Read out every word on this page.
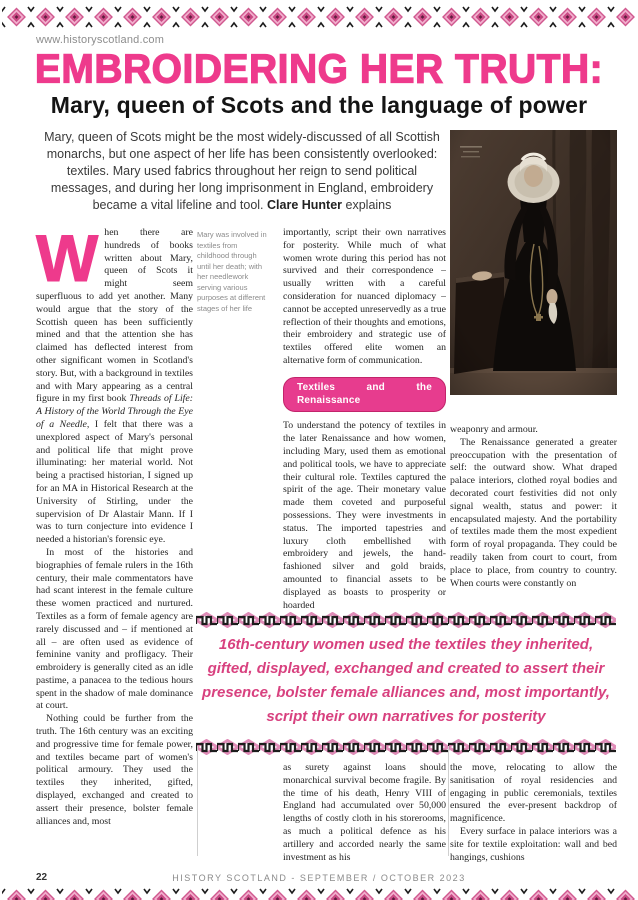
www.historyscotland.com
EMBROIDERING HER TRUTH:
Mary, queen of Scots and the language of power
Mary, queen of Scots might be the most widely-discussed of all Scottish monarchs, but one aspect of her life has been consistently overlooked: textiles. Mary used fabrics throughout her reign to send political messages, and during her long imprisonment in England, embroidery became a vital lifeline and tool. Clare Hunter explains

When there are hundreds of books written about Mary, queen of Scots it might seem superfluous to add yet another. Many would argue that the story of the Scottish queen has been sufficiently mined and that the attention she has claimed has deflected interest from other significant women in Scotland's story. But, with a background in textiles and with Mary appearing as a central figure in my first book Threads of Life: A History of the World Through the Eye of a Needle, I felt that there was a unexplored aspect of Mary's personal and political life that might prove illuminating: her material world. Not being a practised historian, I signed up for an MA in Historical Research at the University of Stirling, under the supervision of Dr Alastair Mann. If I was to turn conjecture into evidence I needed a historian's forensic eye.

In most of the histories and biographies of female rulers in the 16th century, their male commentators have had scant interest in the female culture these women practiced and nurtured. Textiles as a form of female agency are rarely discussed and – if mentioned at all – are often used as evidence of feminine vanity and profligacy. Their embroidery is generally cited as an idle pastime, a panacea to the tedious hours spent in the shadow of male dominance at court.

Nothing could be further from the truth. The 16th century was an exciting and progressive time for female power, and textiles became part of women's political armoury. They used the textiles they inherited, gifted, displayed, exchanged and created to assert their presence, bolster female alliances and, most

Mary was involved in textiles from childhood through until her death; with her needlework serving various purposes at different stages of her life

importantly, script their own narratives for posterity. While much of what women wrote during this period has not survived and their correspondence – usually written with a careful consideration for nuanced diplomacy – cannot be accepted unreservedly as a true reflection of their thoughts and emotions, their embroidery and strategic use of textiles offered elite women an alternative form of communication.

Textiles and the Renaissance

To understand the potency of textiles in the later Renaissance and how women, including Mary, used them as emotional and political tools, we have to appreciate their cultural role. Textiles captured the spirit of the age. Their monetary value made them coveted and purposeful possessions. They were investments in status. The imported tapestries and luxury cloth embellished with embroidery and jewels, the hand-fashioned silver and gold braids, amounted to financial assets to be displayed as boasts to prosperity or hoarded

weaponry and armour.

The Renaissance generated a greater preoccupation with the presentation of self: the outward show. What draped palace interiors, clothed royal bodies and decorated court festivities did not only signal wealth, status and power: it encapsulated majesty. And the portability of textiles made them the most expedient form of royal propaganda. They could be readily taken from court to court, from place to place, from country to country. When courts were constantly on

16th-century women used the textiles they inherited, gifted, displayed, exchanged and created to assert their presence, bolster female alliances and, most importantly, script their own narratives for posterity

as surety against loans should monarchical survival become fragile. By the time of his death, Henry VIII of England had accumulated over 50,000 lengths of costly cloth in his storerooms, as much a political defence as his artillery and accorded nearly the same investment as his

the move, relocating to allow the sanitisation of royal residencies and engaging in public ceremonials, textiles ensured the ever-present backdrop of magnificence.

Every surface in palace interiors was a site for textile exploitation: wall and bed hangings, cushions

22	HISTORY SCOTLAND - SEPTEMBER / OCTOBER 2023
